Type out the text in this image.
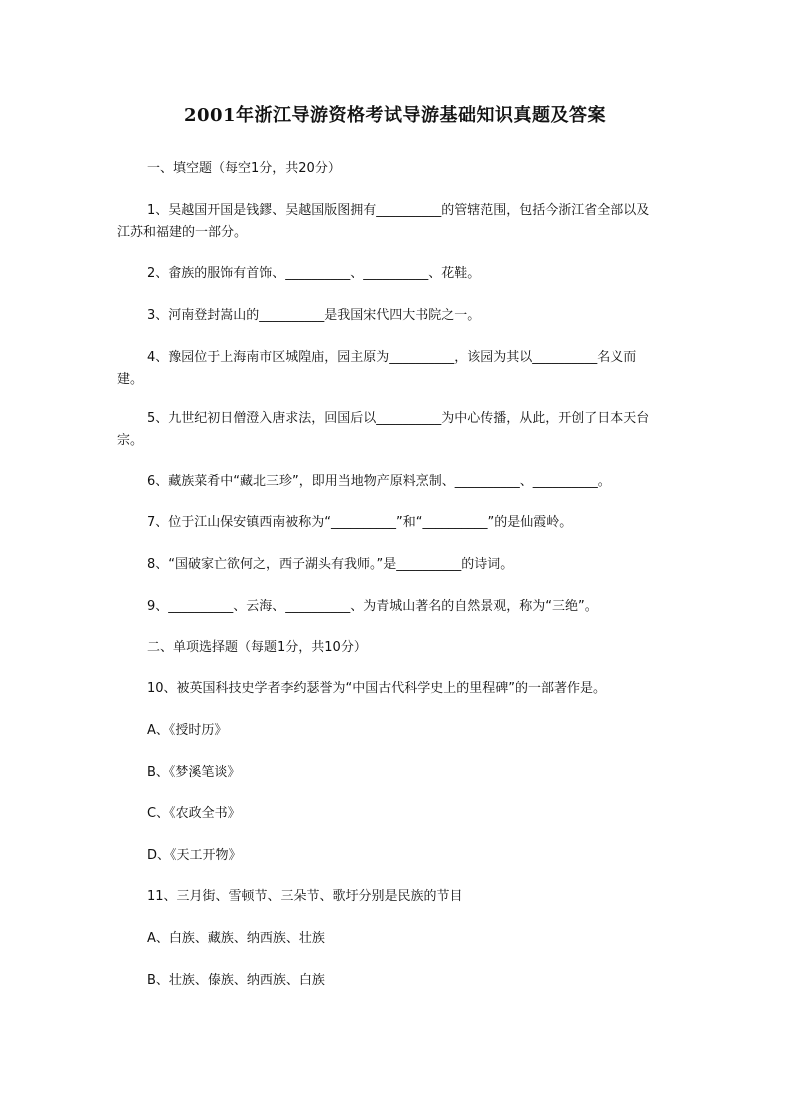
2001年浙江导游资格考试导游基础知识真题及答案
一、填空题（每空1分，共20分）
1、吴越国开国是钱鏐、吴越国版图拥有__________的管辖范围，包括今浙江省全部以及江苏和福建的一部分。
2、畲族的服饰有首饰、__________、__________、花鞋。
3、河南登封嵩山的__________是我国宋代四大书院之一。
4、豫园位于上海南市区城隍庙，园主原为__________，该园为其以__________名义而建。
5、九世纪初日僧澄入唐求法，回国后以__________为中心传播，从此，开创了日本天台宗。
6、藏族菜肴中“藏北三珍”，即用当地物产原料烹制、__________、__________。
7、位于江山保安镇西南被称为“__________”和“__________”的是仙霞岭。
8、“国破家亡欲何之，西子湖头有我师。”是__________的诗词。
9、__________、云海、__________、为青城山著名的自然景观，称为“三绝”。
二、单项选择题（每题1分，共10分）
10、被英国科技史学者李约瑟誉为“中国古代科学史上的里程碑”的一部著作是。
A、《授时历》
B、《梦溪笔谈》
C、《农政全书》
D、《天工开物》
11、三月街、雪顿节、三朵节、歌圩分别是民族的节目
A、白族、藏族、纳西族、壮族
B、壮族、傣族、纳西族、白族
